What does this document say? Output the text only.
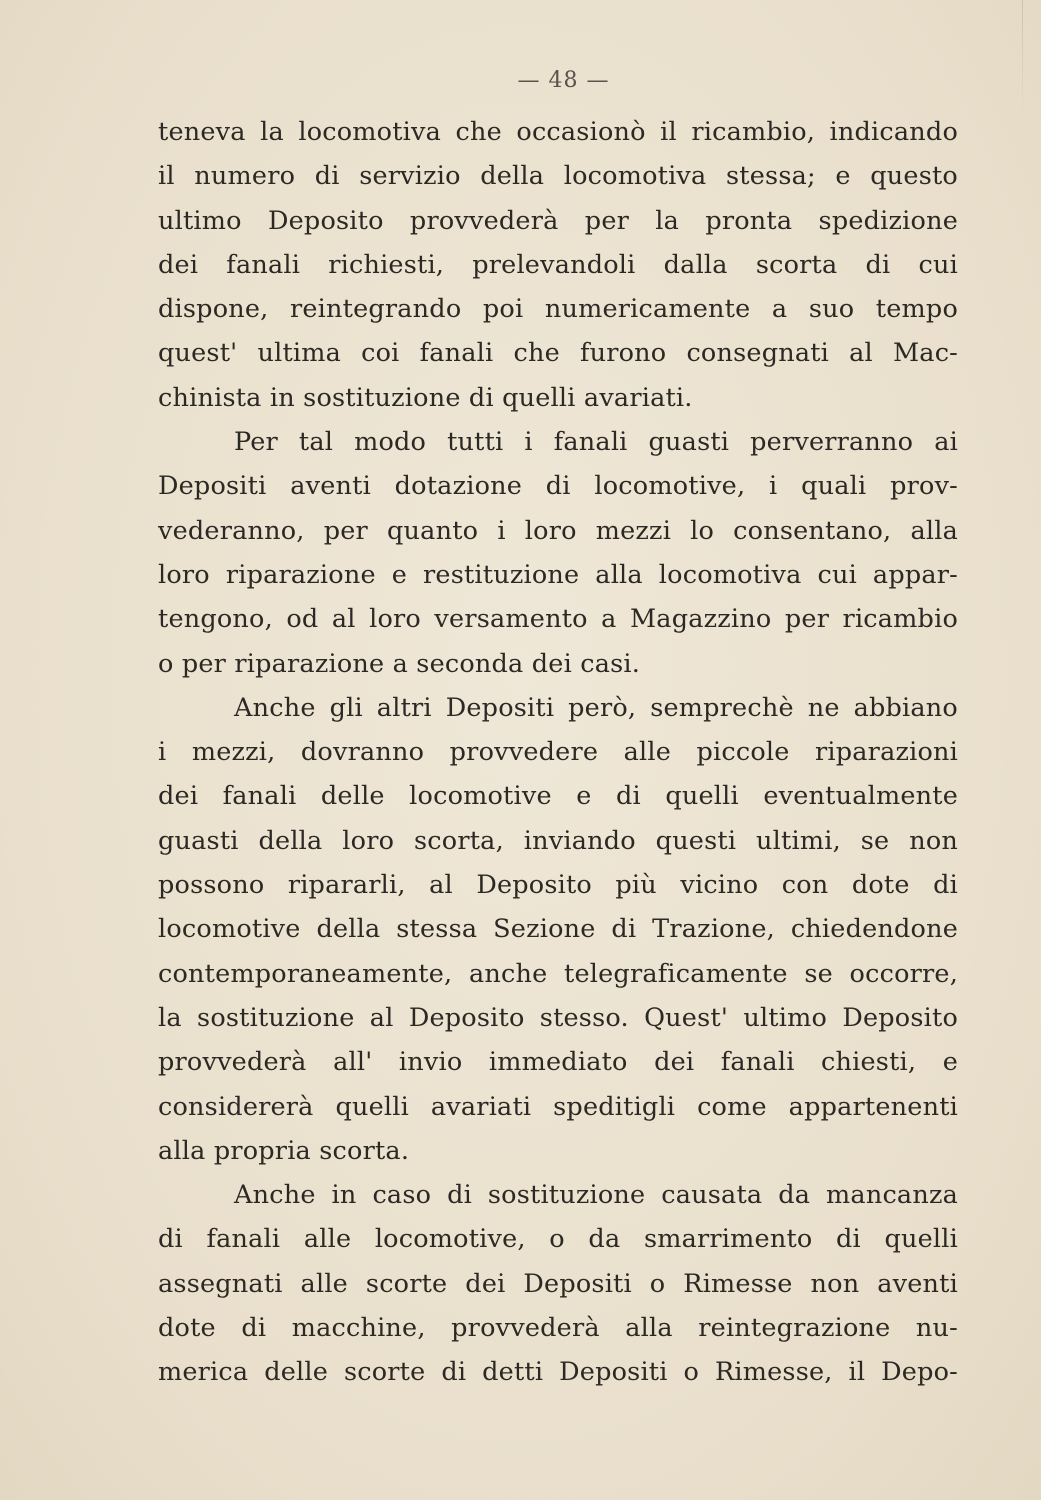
— 48 —
teneva la locomotiva che occasionò il ricambio, indicando
il numero di servizio della locomotiva stessa; e questo
ultimo Deposito provvederà per la pronta spedizione
dei fanali richiesti, prelevandoli dalla scorta di cui
dispone, reintegrando poi numericamente a suo tempo
quest' ultima coi fanali che furono consegnati al Mac-
chinista in sostituzione di quelli avariati.
Per tal modo tutti i fanali guasti perverranno ai
Depositi aventi dotazione di locomotive, i quali prov-
vederanno, per quanto i loro mezzi lo consentano, alla
loro riparazione e restituzione alla locomotiva cui appar-
tengono, od al loro versamento a Magazzino per ricambio
o per riparazione a seconda dei casi.
Anche gli altri Depositi però, semprechè ne abbiano
i mezzi, dovranno provvedere alle piccole riparazioni
dei fanali delle locomotive e di quelli eventualmente
guasti della loro scorta, inviando questi ultimi, se non
possono ripararli, al Deposito più vicino con dote di
locomotive della stessa Sezione di Trazione, chiedendone
contemporaneamente, anche telegraficamente se occorre,
la sostituzione al Deposito stesso. Quest' ultimo Deposito
provvederà all' invio immediato dei fanali chiesti, e
considererà quelli avariati speditigli come appartenenti
alla propria scorta.
Anche in caso di sostituzione causata da mancanza
di fanali alle locomotive, o da smarrimento di quelli
assegnati alle scorte dei Depositi o Rimesse non aventi
dote di macchine, provvederà alla reintegrazione nu-
merica delle scorte di detti Depositi o Rimesse, il Depo-
